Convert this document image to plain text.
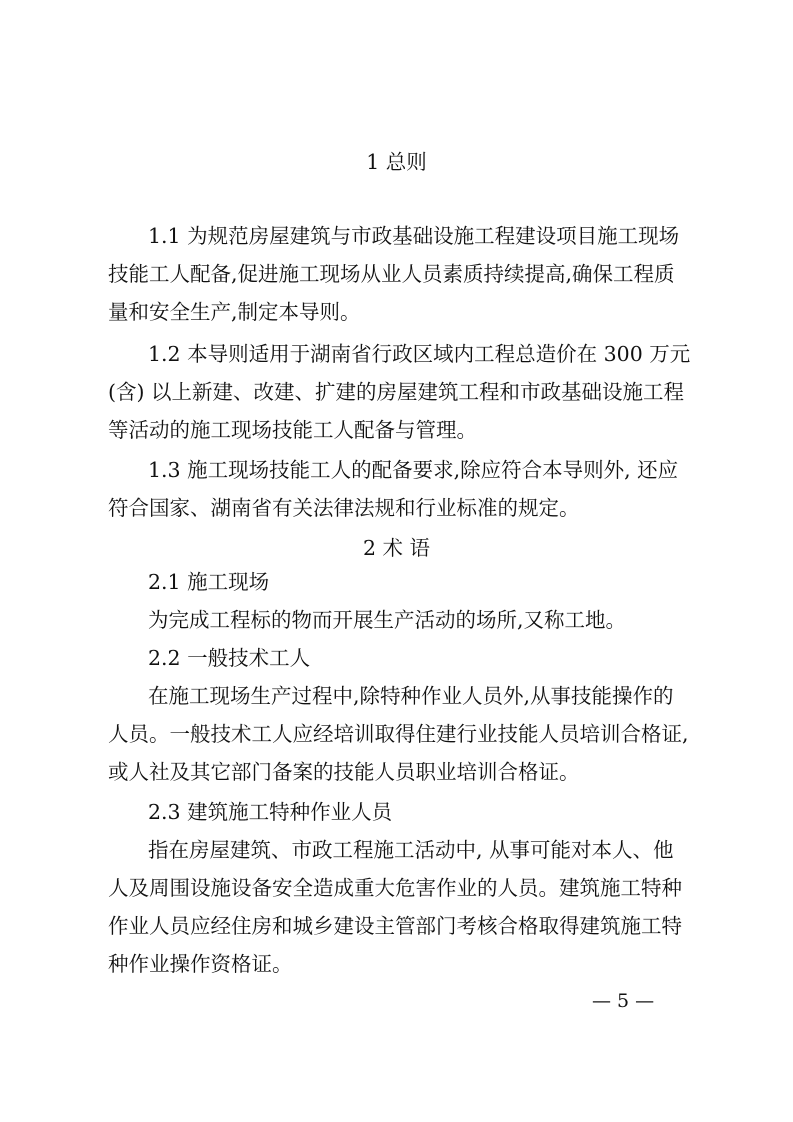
1 总则
1.1 为规范房屋建筑与市政基础设施工程建设项目施工现场
技能工人配备,促进施工现场从业人员素质持续提高,确保工程质
量和安全生产,制定本导则。
1.2 本导则适用于湖南省行政区域内工程总造价在 300 万元
(含) 以上新建、改建、扩建的房屋建筑工程和市政基础设施工程
等活动的施工现场技能工人配备与管理。
1.3 施工现场技能工人的配备要求,除应符合本导则外, 还应
符合国家、湖南省有关法律法规和行业标准的规定。
2 术 语
2.1 施工现场
为完成工程标的物而开展生产活动的场所,又称工地。
2.2 一般技术工人
在施工现场生产过程中,除特种作业人员外,从事技能操作的
人员。一般技术工人应经培训取得住建行业技能人员培训合格证,
或人社及其它部门备案的技能人员职业培训合格证。
2.3 建筑施工特种作业人员
指在房屋建筑、市政工程施工活动中, 从事可能对本人、他
人及周围设施设备安全造成重大危害作业的人员。建筑施工特种
作业人员应经住房和城乡建设主管部门考核合格取得建筑施工特
种作业操作资格证。
— 5 —
